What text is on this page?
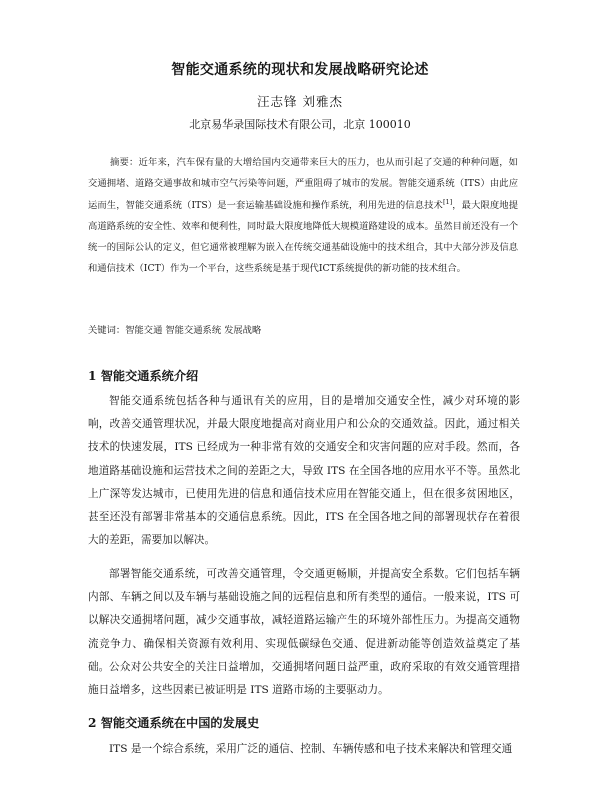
智能交通系统的现状和发展战略研究论述
汪志锋 刘雅杰
北京易华录国际技术有限公司，北京 100010

摘要：近年来，汽车保有量的大增给国内交通带来巨大的压力，也从而引起了交通的种种问题，如交通拥堵、道路交通事故和城市空气污染等问题，严重阻碍了城市的发展。智能交通系统（ITS）由此应运而生，智能交通系统（ITS）是一套运输基础设施和操作系统，利用先进的信息技术[1]，最大限度地提高道路系统的安全性、效率和便利性，同时最大限度地降低大规模道路建设的成本。虽然目前还没有一个统一的国际公认的定义，但它通常被理解为嵌入在传统交通基础设施中的技术组合，其中大部分涉及信息和通信技术（ICT）作为一个平台，这些系统是基于现代ICT系统提供的新功能的技术组合。

关键词：智能交通 智能交通系统 发展战略

1 智能交通系统介绍

智能交通系统包括各种与通讯有关的应用，目的是增加交通安全性，减少对环境的影响，改善交通管理状况，并最大限度地提高对商业用户和公众的交通效益。因此，通过相关技术的快速发展，ITS 已经成为一种非常有效的交通安全和灾害问题的应对手段。然而，各地道路基础设施和运营技术之间的差距之大，导致 ITS 在全国各地的应用水平不等。虽然北上广深等发达城市，已使用先进的信息和通信技术应用在智能交通上，但在很多贫困地区，甚至还没有部署非常基本的交通信息系统。因此，ITS 在全国各地之间的部署现状存在着很大的差距，需要加以解决。

部署智能交通系统，可改善交通管理，令交通更畅顺，并提高安全系数。它们包括车辆内部、车辆之间以及车辆与基础设施之间的远程信息和所有类型的通信。一般来说，ITS 可以解决交通拥堵问题，减少交通事故，减轻道路运输产生的环境外部性压力。为提高交通物流竞争力、确保相关资源有效利用、实现低碳绿色交通、促进新动能等创造效益奠定了基础。 公众对公共安全的关注日益增加，交通拥堵问题日益严重，政府采取的有效交通管理措施日益增多，这些因素已被证明是 ITS 道路市场的主要驱动力。

2 智能交通系统在中国的发展史

ITS 是一个综合系统，采用广泛的通信、控制、车辆传感和电子技术来解决和管理交通
